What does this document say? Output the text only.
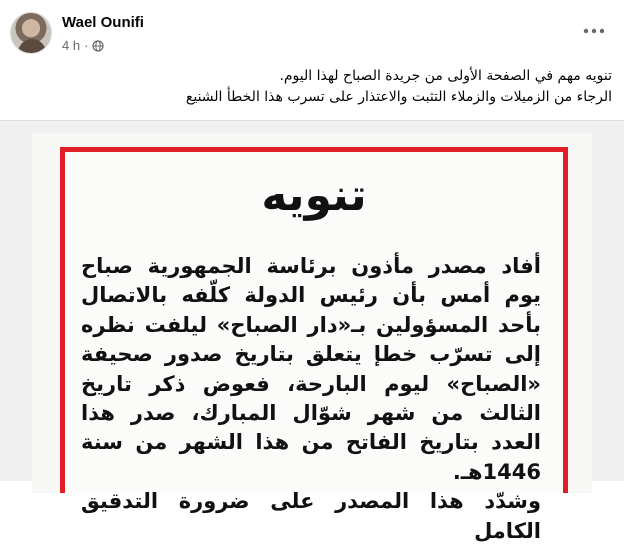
Wael Ounifi
4 h ·

تنويه مهم في الصفحة الأولى من جريدة الصباح لهذا اليوم.

الرجاء من الزميلات والزملاء التثبت والاعتذار على تسرب هذا الخطأ الشنيع

تنويه

أفاد مصدر مأذون برئاسة الجمهورية صباح يوم أمس بأن رئيس الدولة كلّفه بالاتصال بأحد المسؤولين بـ«دار الصباح» ليلفت نظره إلى تسرّب خطإ يتعلق بتاريخ صدور صحيفة «الصباح» ليوم البارحة، فعوض ذكر تاريخ الثالث من شهر شوّال المبارك، صدر هذا العدد بتاريخ الفاتح من هذا الشهر من سنة 1446هـ.

وشدّد هذا المصدر على ضرورة التدقيق الكامل
